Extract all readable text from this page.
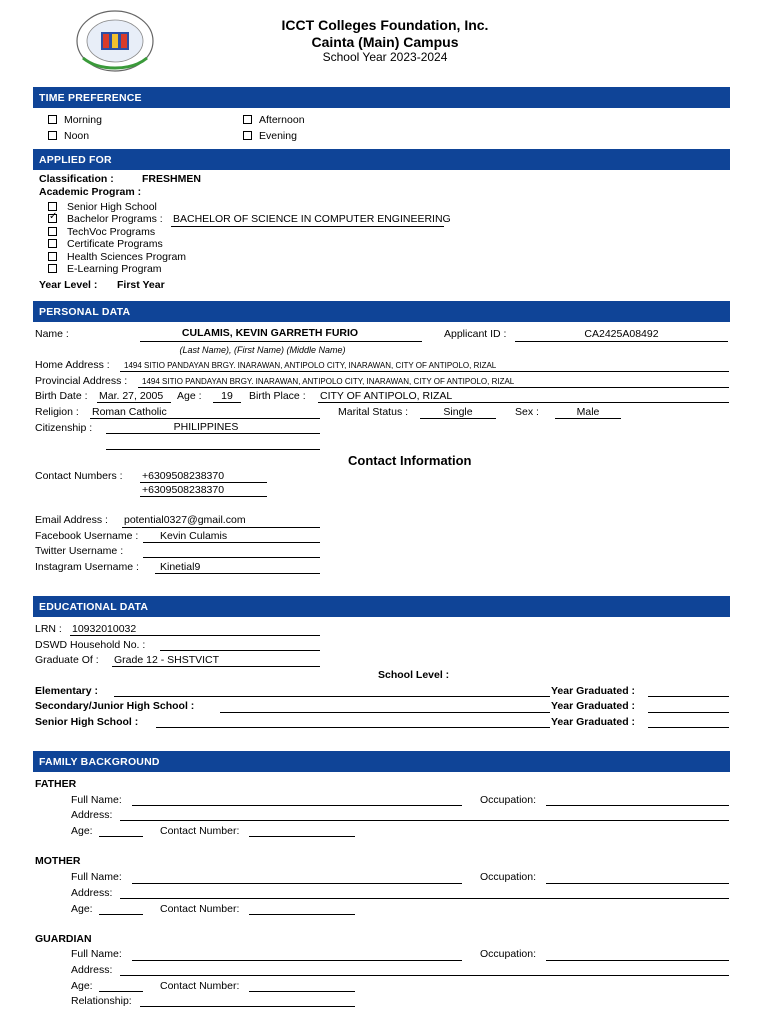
ICCT Colleges Foundation, Inc.
Cainta (Main) Campus
School Year 2023-2024
TIME PREFERENCE
Morning
Noon
Afternoon
Evening
APPLIED FOR
Classification :	FRESHMEN
Academic Program :
Senior High School
✓ Bachelor Programs : BACHELOR OF SCIENCE IN COMPUTER ENGINEERING
TechVoc Programs
Certificate Programs
Health Sciences Program
E-Learning Program
Year Level : First Year
PERSONAL DATA
Name :	CULAMIS, KEVIN GARRETH FURIO
(Last Name), (First Name) (Middle Name)
Applicant ID :	CA2425A08492
Home Address : 1494 SITIO PANDAYAN BRGY. INARAWAN, ANTIPOLO CITY, INARAWAN, CITY OF ANTIPOLO, RIZAL
Provincial Address : 1494 SITIO PANDAYAN BRGY. INARAWAN, ANTIPOLO CITY, INARAWAN, CITY OF ANTIPOLO, RIZAL
Birth Date : Mar. 27, 2005 Age :	19	Birth Place : CITY OF ANTIPOLO, RIZAL
Religion : Roman Catholic	Marital Status :	Single	Sex :	Male
Citizenship :	PHILIPPINES
Contact Information
Contact Numbers : +6309508238370
+6309508238370
Email Address : potential0327@gmail.com
Facebook Username : Kevin Culamis
Twitter Username :
Instagram Username : Kinetial9
EDUCATIONAL DATA
LRN : 10932010032
DSWD Household No. :
Graduate Of : Grade 12 - SHSTVICT
School Level :
Elementary :	Year Graduated :
Secondary/Junior High School :	Year Graduated :
Senior High School :	Year Graduated :
FAMILY BACKGROUND
FATHER
Full Name:	Occupation:
Address:
Age:	Contact Number:
MOTHER
Full Name:	Occupation:
Address:
Age:	Contact Number:
GUARDIAN
Full Name:	Occupation:
Address:
Age:	Contact Number:
Relationship:
